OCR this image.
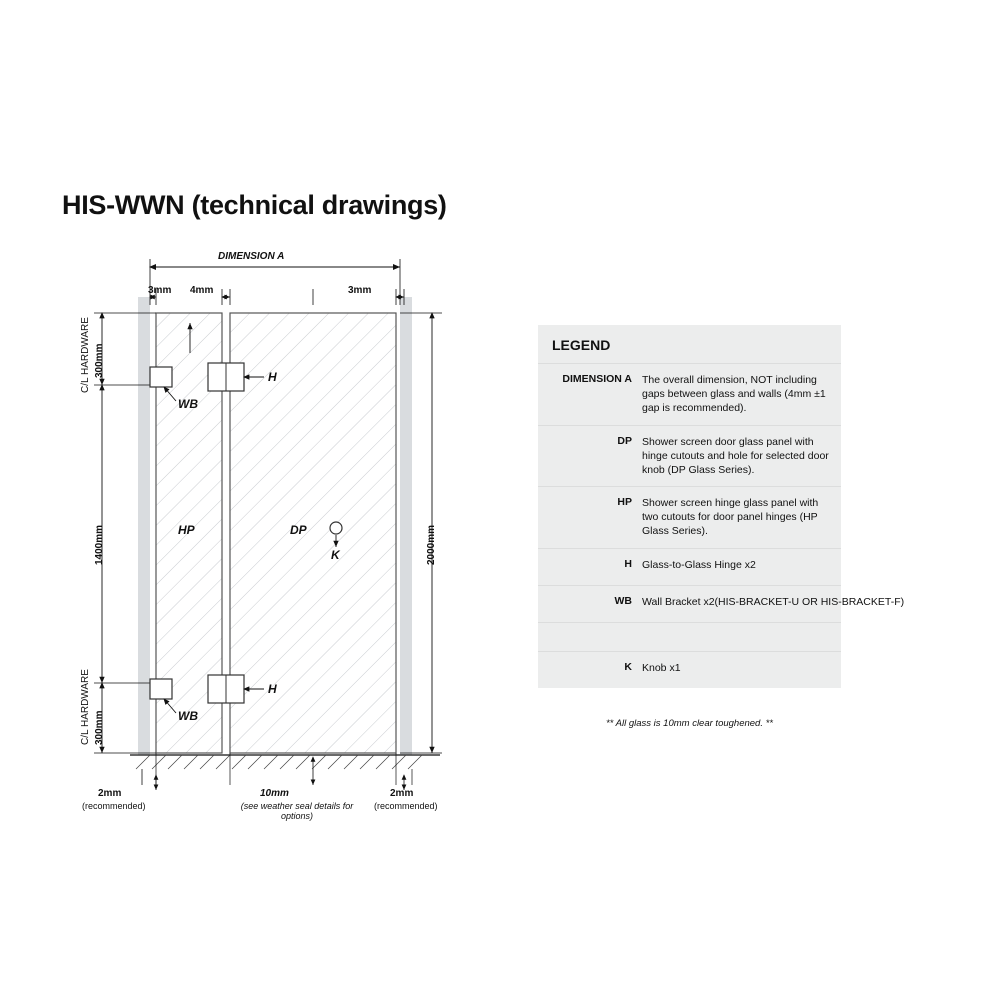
HIS-WWN (technical drawings)
DIMENSION A
3mm 4mm	3mm
C/L HARDWARE 300mm
1400mm
C/L HARDWARE 300mm
2000mm
HP	DP
H
H
WB
WB
K
2mm
(recommended)
10mm
(see weather seal details for options)
2mm
(recommended)
LEGEND
DIMENSION A The overall dimension, NOT including gaps between glass and walls (4mm ±1 gap is recommended).
DP Shower screen door glass panel with hinge cutouts and hole for selected door knob (DP Glass Series).
HP Shower screen hinge glass panel with two cutouts for door panel hinges (HP Glass Series).
H Glass-to-Glass Hinge x2
WB Wall Bracket x2(HIS-BRACKET-U OR HIS-BRACKET-F)
K Knob x1
** All glass is 10mm clear toughened. **
